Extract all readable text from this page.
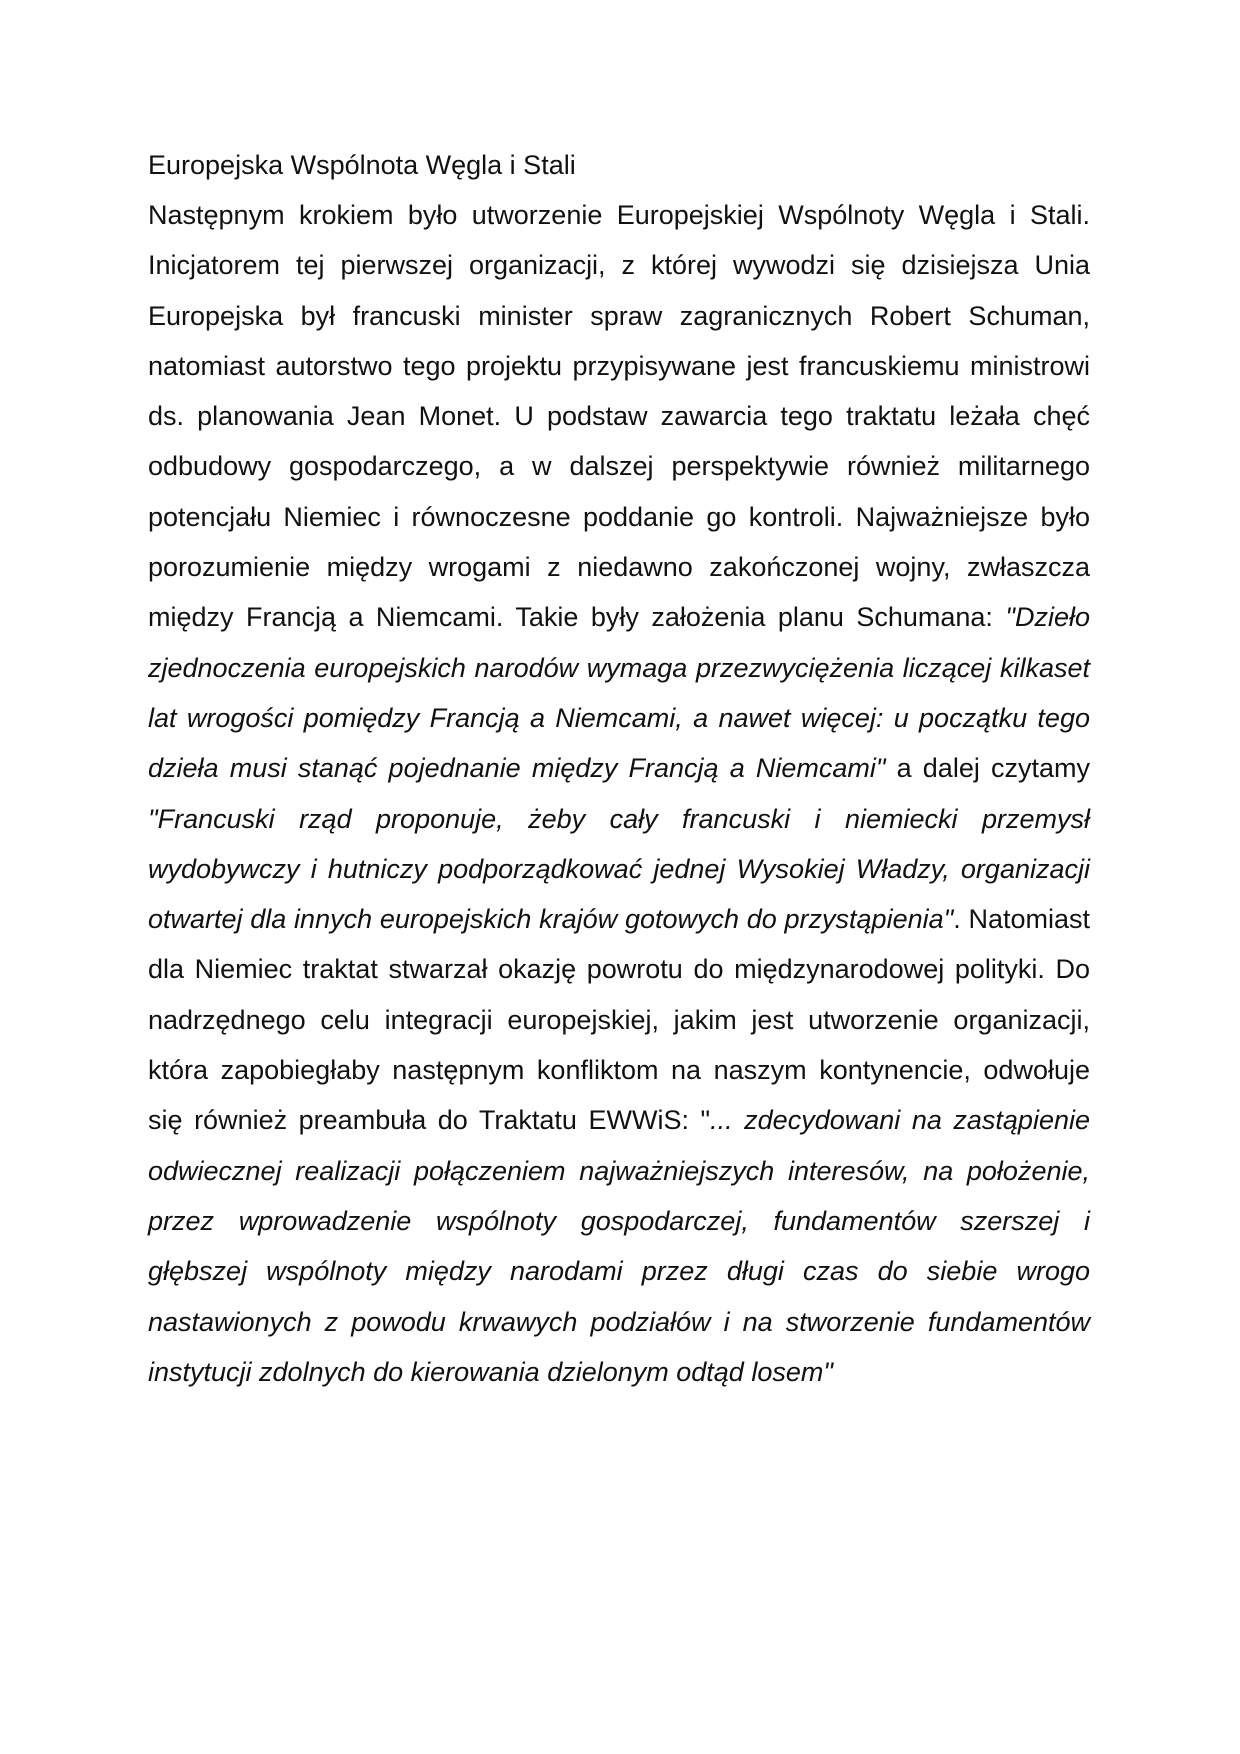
Europejska Wspólnota Węgla i Stali

Następnym krokiem było utworzenie Europejskiej Wspólnoty Węgla i Stali. Inicjatorem tej pierwszej organizacji, z której wywodzi się dzisiejsza Unia Europejska był francuski minister spraw zagranicznych Robert Schuman, natomiast autorstwo tego projektu przypisywane jest francuskiemu ministrowi ds. planowania Jean Monet. U podstaw zawarcia tego traktatu leżała chęć odbudowy gospodarczego, a w dalszej perspektywie również militarnego potencjału Niemiec i równoczesne poddanie go kontroli. Najważniejsze było porozumienie między wrogami z niedawno zakończonej wojny, zwłaszcza między Francją a Niemcami. Takie były założenia planu Schumana: "Dzieło zjednoczenia europejskich narodów wymaga przezwyciężenia liczącej kilkaset lat wrogości pomiędzy Francją a Niemcami, a nawet więcej: u początku tego dzieła musi stanąć pojednanie między Francją a Niemcami" a dalej czytamy "Francuski rząd proponuje, żeby cały francuski i niemiecki przemysł wydobywczy i hutniczy podporządkować jednej Wysokiej Władzy, organizacji otwartej dla innych europejskich krajów gotowych do przystąpienia". Natomiast dla Niemiec traktat stwarzał okazję powrotu do międzynarodowej polityki. Do nadrzędnego celu integracji europejskiej, jakim jest utworzenie organizacji, która zapobiegłaby następnym konfliktom na naszym kontynencie, odwołuje się również preambuła do Traktatu EWWiS: "... zdecydowani na zastąpienie odwiecznej realizacji połączeniem najważniejszych interesów, na położenie, przez wprowadzenie wspólnoty gospodarczej, fundamentów szerszej i głębszej wspólnoty między narodami przez długi czas do siebie wrogo nastawionych z powodu krwawych podziałów i na stworzenie fundamentów instytucji zdolnych do kierowania dzielonym odtąd losem"
